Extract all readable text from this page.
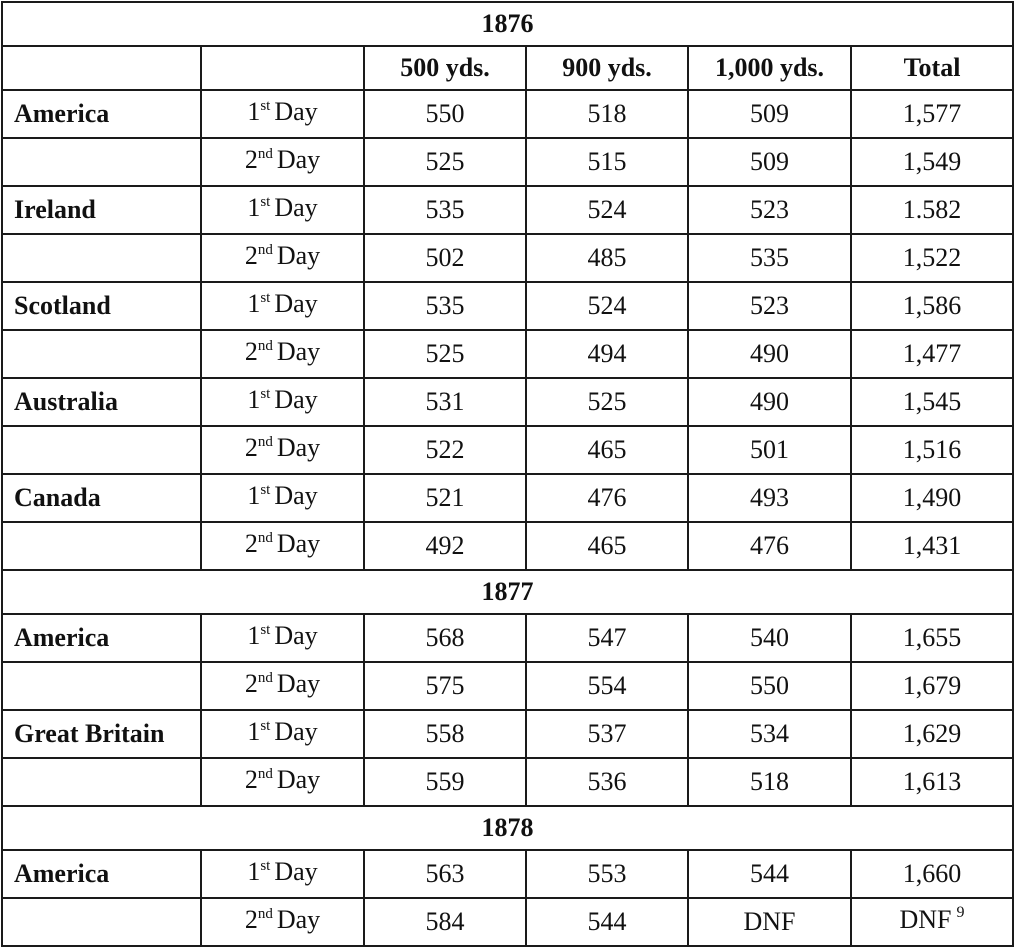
1876					
		500 yds.	900 yds.	1,000 yds.	Total
America	1st Day	550	518	509	1,577
	2nd Day	525	515	509	1,549
Ireland	1st Day	535	524	523	1.582
	2nd Day	502	485	535	1,522
Scotland	1st Day	535	524	523	1,586
	2nd Day	525	494	490	1,477
Australia	1st Day	531	525	490	1,545
	2nd Day	522	465	501	1,516
Canada	1st Day	521	476	493	1,490
	2nd Day	492	465	476	1,431
1877					
America	1st Day	568	547	540	1,655
	2nd Day	575	554	550	1,679
Great Britain	1st Day	558	537	534	1,629
	2nd Day	559	536	518	1,613
1878					
America	1st Day	563	553	544	1,660
	2nd Day	584	544	DNF	DNF $^9$
